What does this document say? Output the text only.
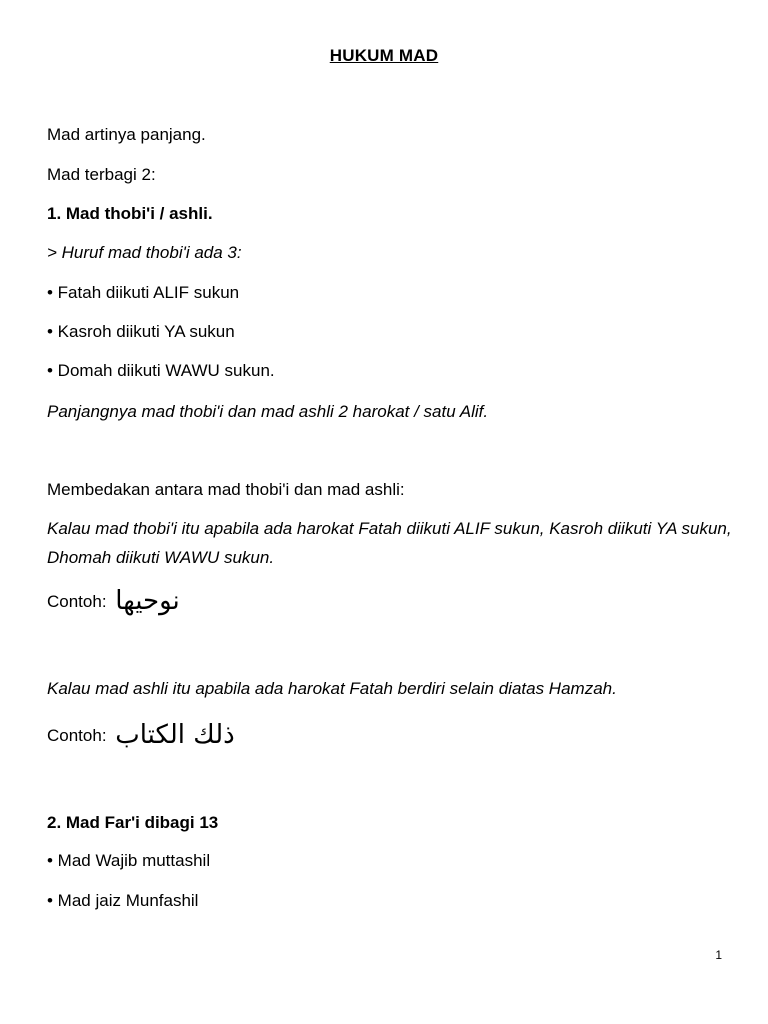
HUKUM MAD
Mad artinya panjang.
Mad terbagi 2:
1. Mad thobi'i / ashli.
> Huruf mad thobi'i ada 3:
• Fatah diikuti ALIF sukun
• Kasroh diikuti YA sukun
• Domah diikuti WAWU sukun.
Panjangnya mad thobi'i dan mad ashli 2 harokat / satu Alif.
Membedakan antara mad thobi'i dan mad ashli:
Kalau mad thobi'i itu apabila ada harokat Fatah diikuti ALIF sukun, Kasroh diikuti YA sukun, Dhomah diikuti WAWU sukun.
Contoh: نوحيها
Kalau mad ashli itu apabila ada harokat Fatah berdiri selain diatas Hamzah.
Contoh: ذلك الكتاب
2. Mad Far'i dibagi 13
• Mad Wajib muttashil
• Mad jaiz Munfashil
1
